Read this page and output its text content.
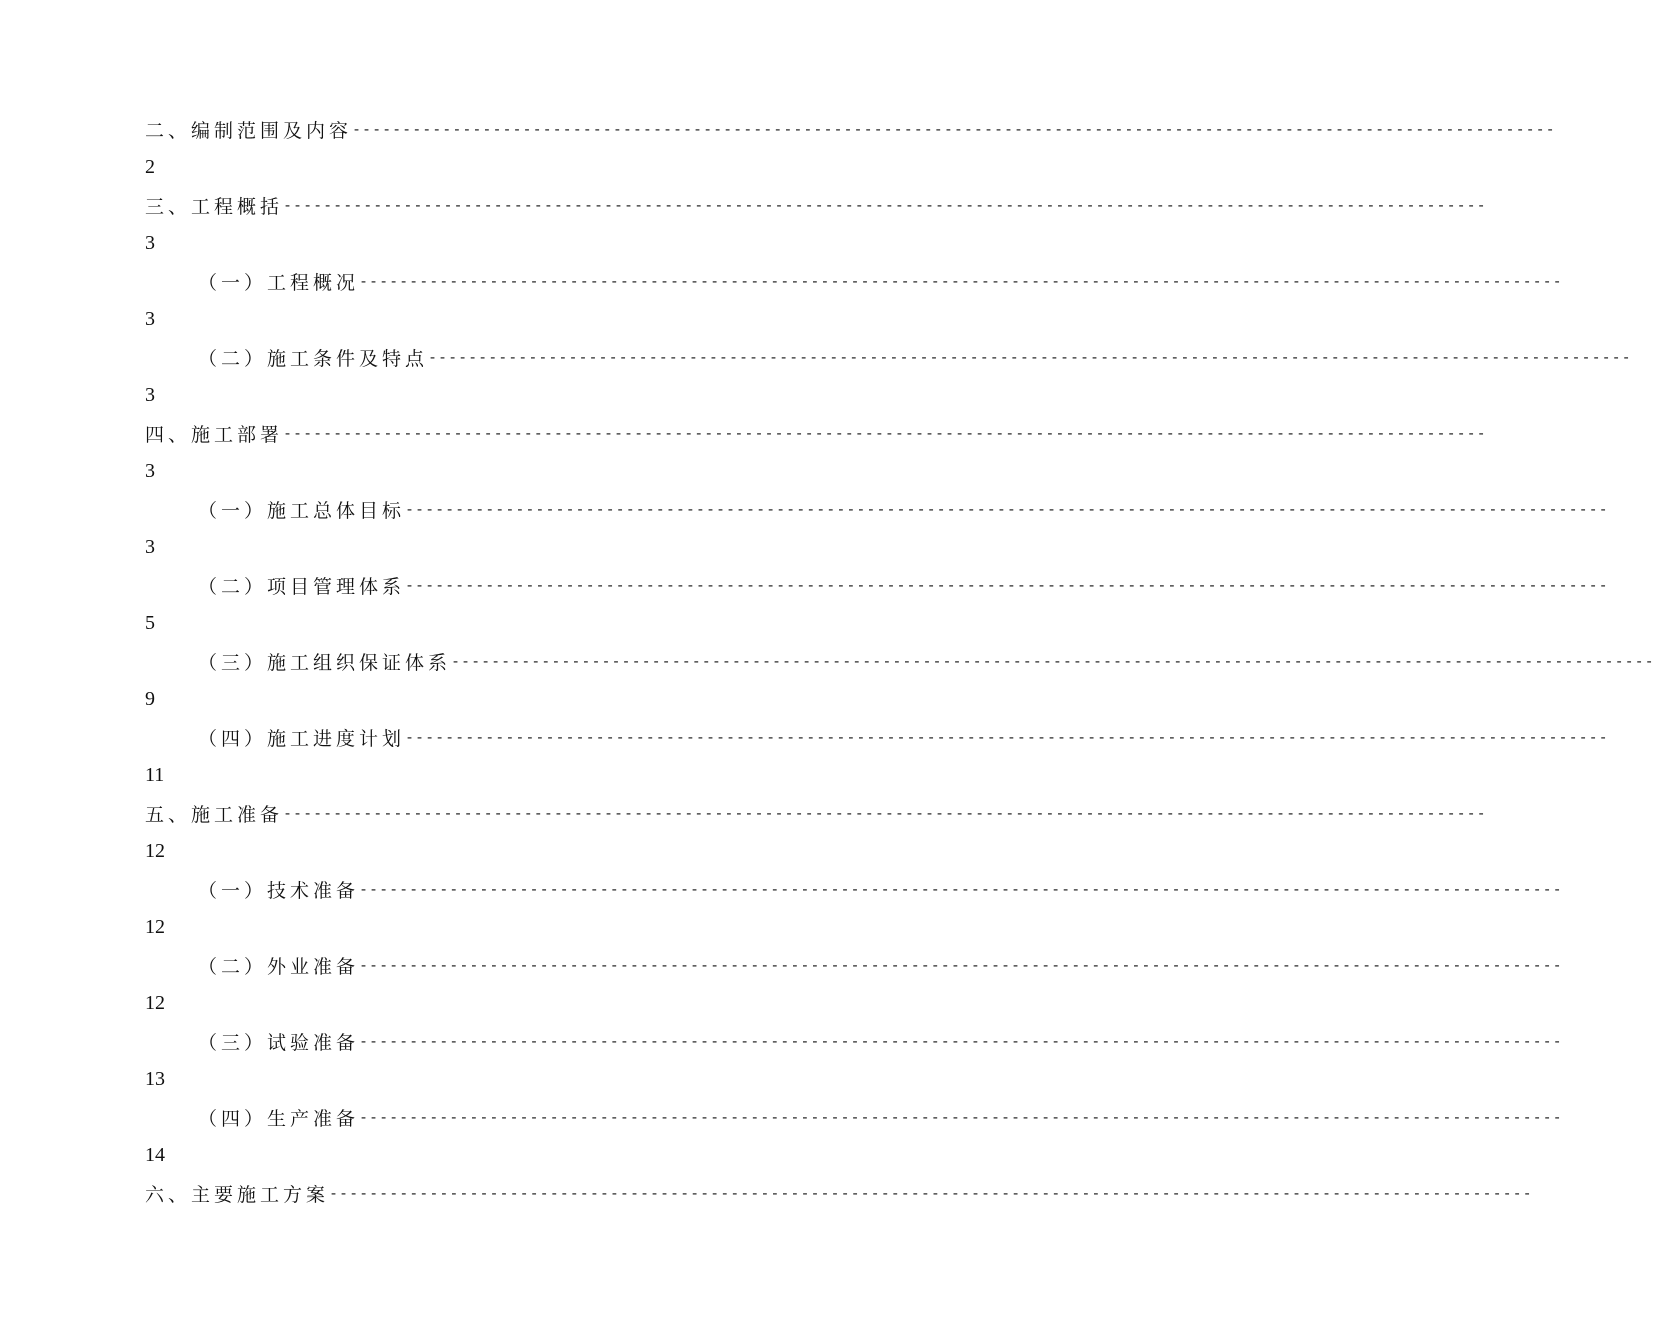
二、编制范围及内容 ------------------------------------------------------------------------------------------------------------------------
2
三、工程概括 ------------------------------------------------------------------------------------------------------------------------
3
（一）工程概况 ------------------------------------------------------------------------------------------------------------------------
3
（二）施工条件及特点 ------------------------------------------------------------------------------------------------------------------------
3
四、施工部署 ------------------------------------------------------------------------------------------------------------------------
3
（一）施工总体目标 ------------------------------------------------------------------------------------------------------------------------
3
（二）项目管理体系 ------------------------------------------------------------------------------------------------------------------------
5
（三）施工组织保证体系 ------------------------------------------------------------------------------------------------------------------------
9
（四）施工进度计划 ------------------------------------------------------------------------------------------------------------------------
11
五、施工准备 ------------------------------------------------------------------------------------------------------------------------
12
（一）技术准备 ------------------------------------------------------------------------------------------------------------------------
12
（二）外业准备 ------------------------------------------------------------------------------------------------------------------------
12
（三）试验准备 ------------------------------------------------------------------------------------------------------------------------
13
（四）生产准备 ------------------------------------------------------------------------------------------------------------------------
14
六、主要施工方案 ------------------------------------------------------------------------------------------------------------------------
